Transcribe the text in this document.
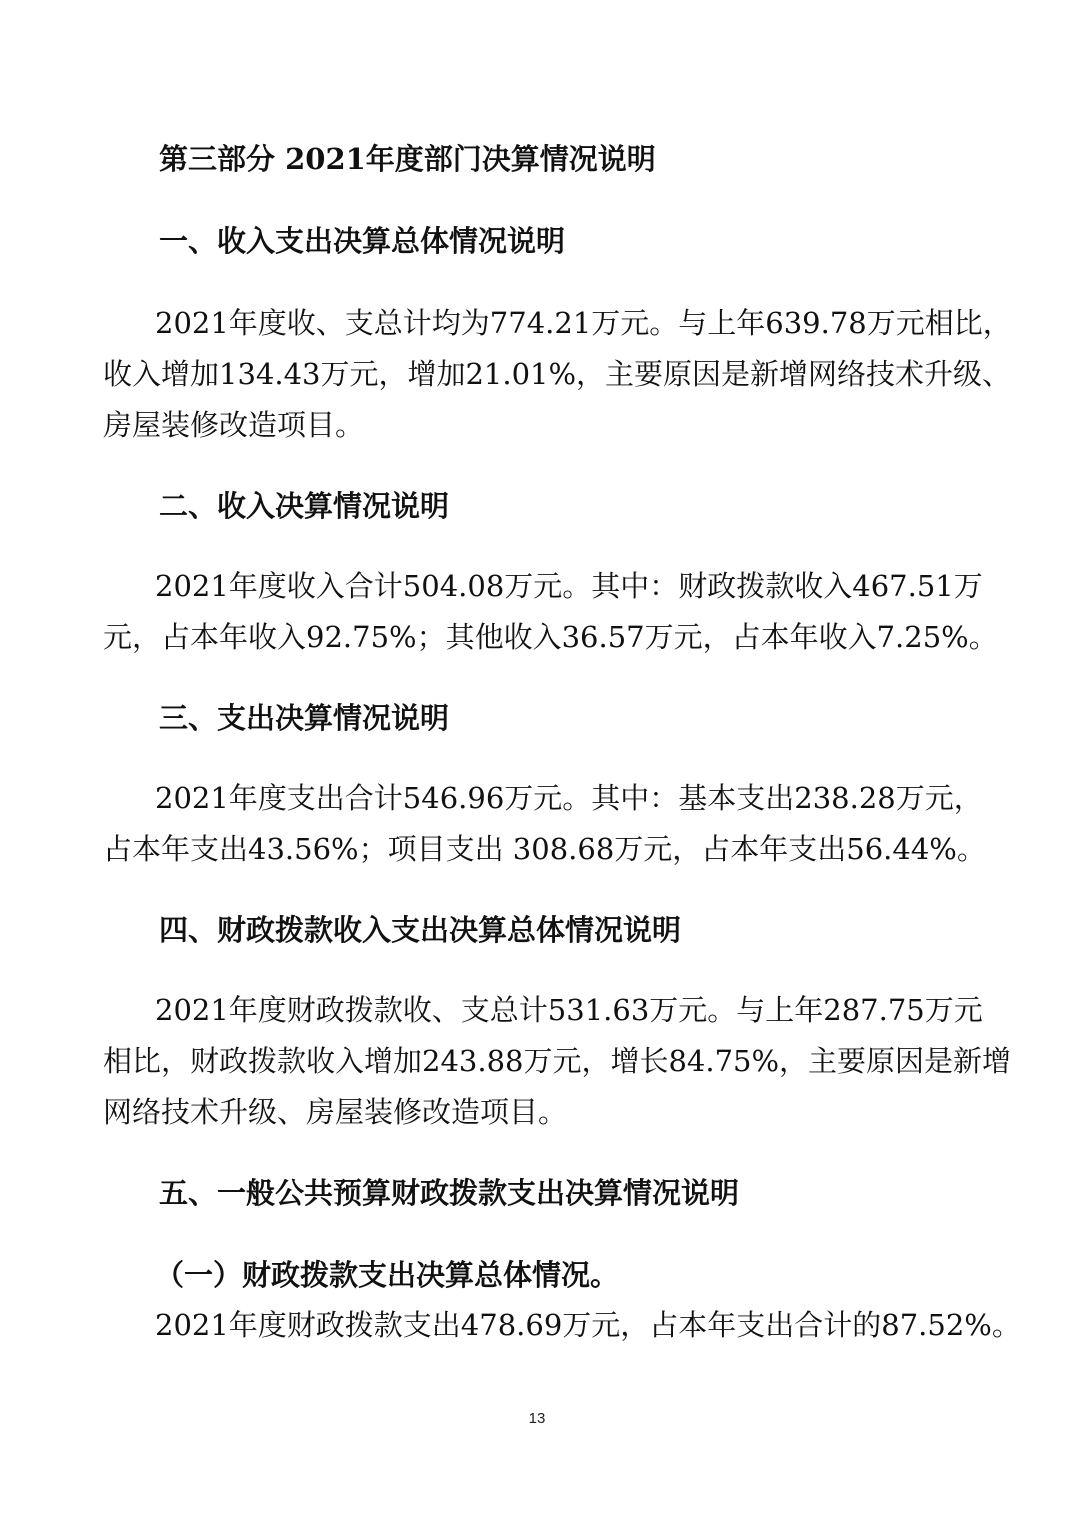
第三部分 2021年度部门决算情况说明
一、收入支出决算总体情况说明
2021年度收、支总计均为774.21万元。与上年639.78万元相比，
收入增加134.43万元，增加21.01%，主要原因是新增网络技术升级、
房屋装修改造项目。
二、收入决算情况说明
2021年度收入合计504.08万元。其中：财政拨款收入467.51万
元，占本年收入92.75%；其他收入36.57万元，占本年收入7.25%。
三、支出决算情况说明
2021年度支出合计546.96万元。其中：基本支出238.28万元，
占本年支出43.56%；项目支出 308.68万元，占本年支出56.44%。
四、财政拨款收入支出决算总体情况说明
2021年度财政拨款收、支总计531.63万元。与上年287.75万元
相比，财政拨款收入增加243.88万元，增长84.75%，主要原因是新增
网络技术升级、房屋装修改造项目。
五、一般公共预算财政拨款支出决算情况说明
（一）财政拨款支出决算总体情况。
2021年度财政拨款支出478.69万元，占本年支出合计的87.52%。
13
